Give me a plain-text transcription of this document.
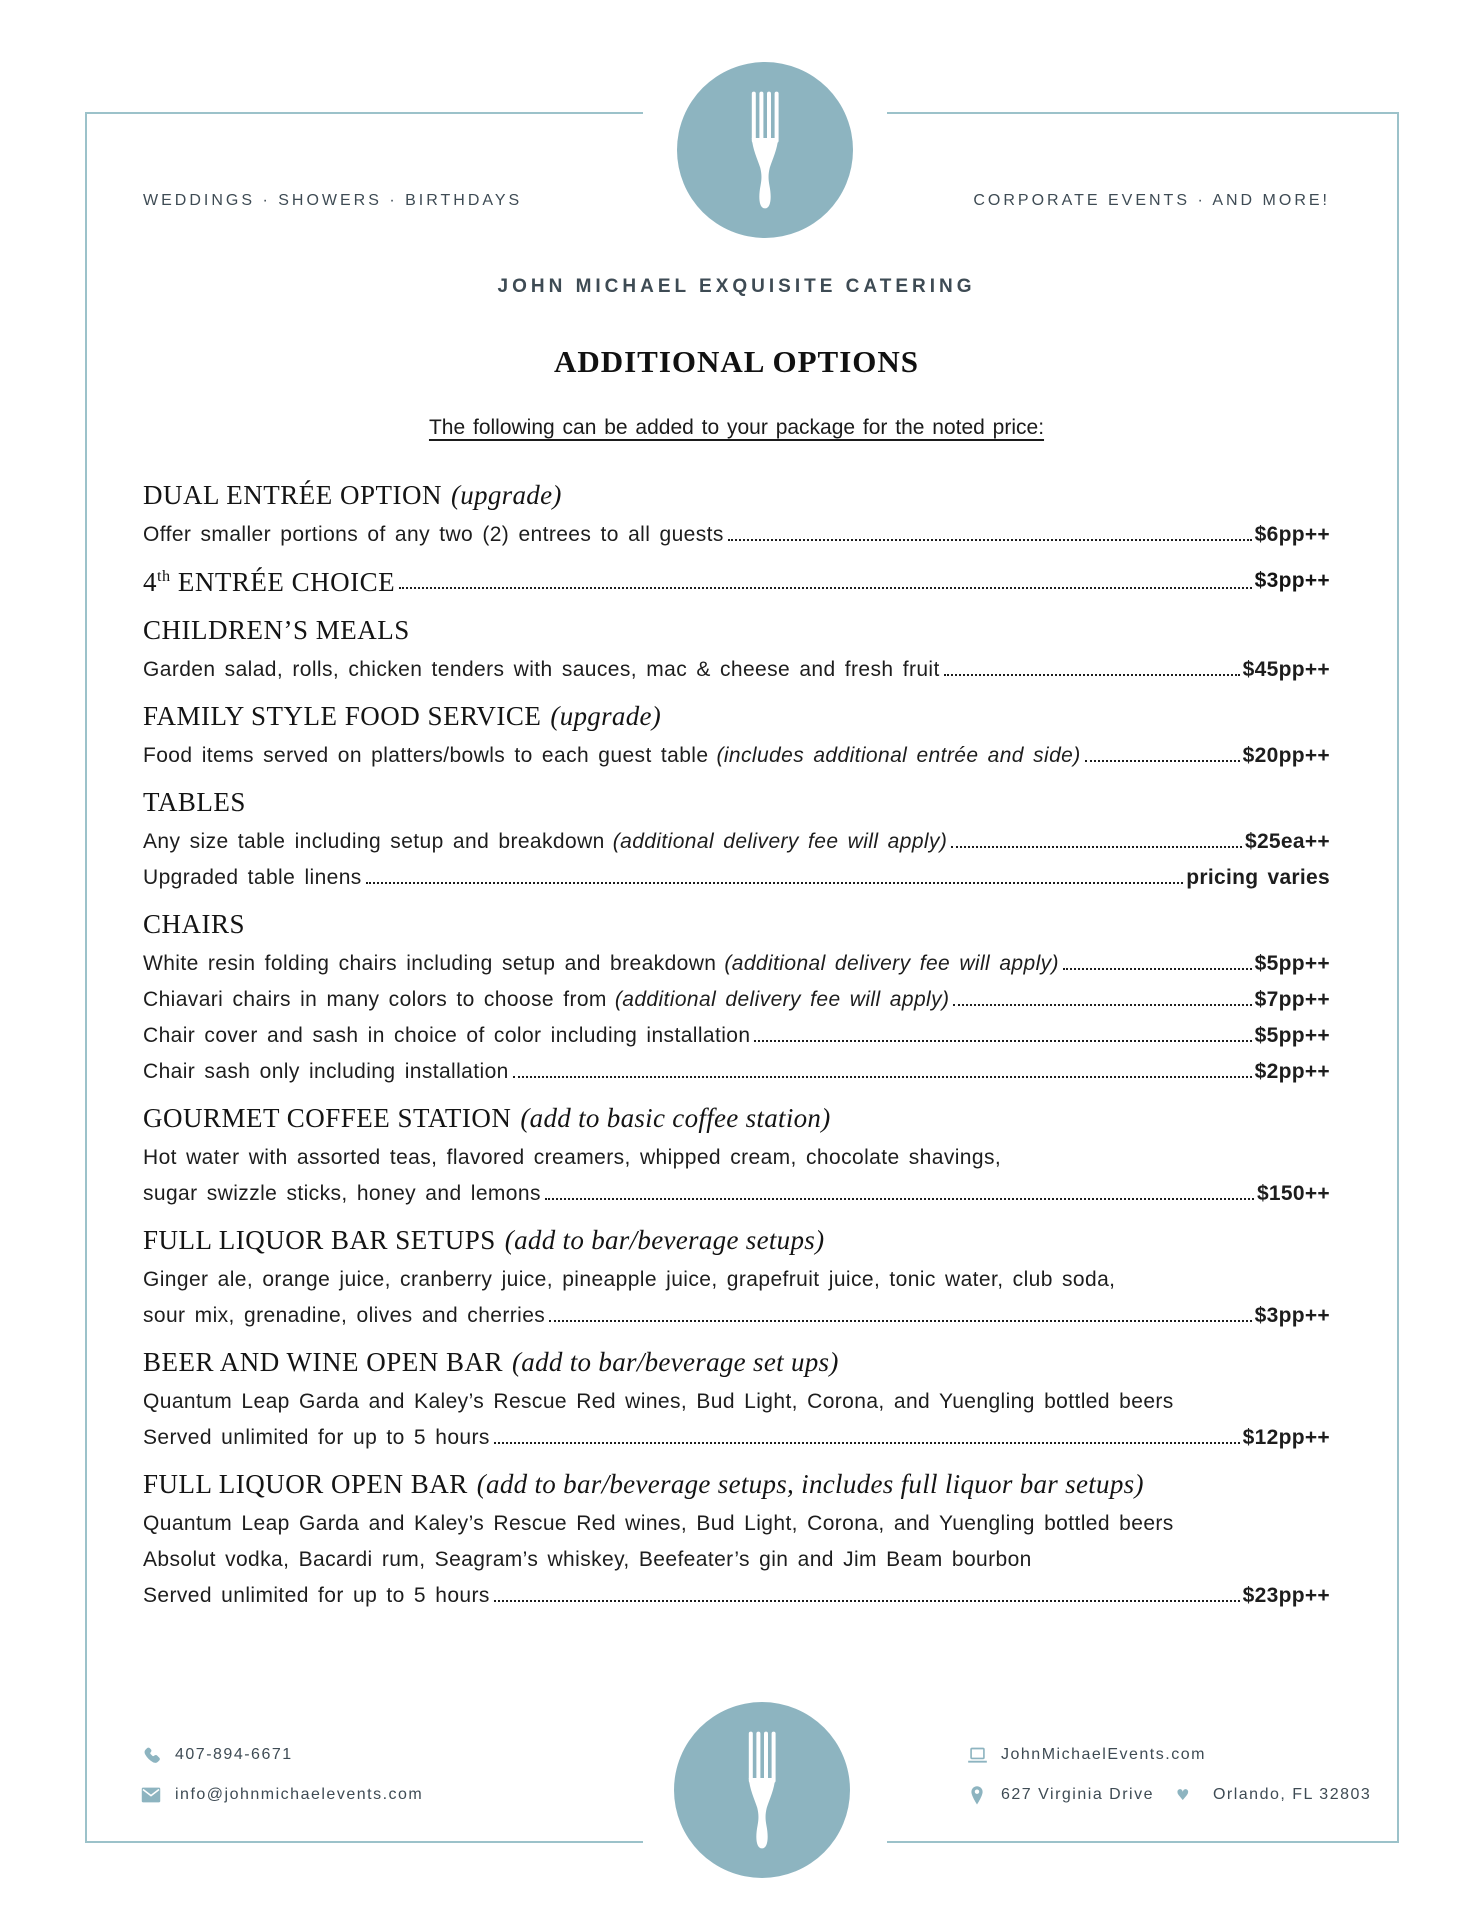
WEDDINGS · SHOWERS · BIRTHDAYS	CORPORATE EVENTS · AND MORE!
JOHN MICHAEL EXQUISITE CATERING
ADDITIONAL OPTIONS
The following can be added to your package for the noted price:
DUAL ENTRÉE OPTION (upgrade)
Offer smaller portions of any two (2) entrees to all guests	$6pp++
4th ENTRÉE CHOICE	$3pp++
CHILDREN’S MEALS
Garden salad, rolls, chicken tenders with sauces, mac & cheese and fresh fruit	$45pp++
FAMILY STYLE FOOD SERVICE (upgrade)
Food items served on platters/bowls to each guest table (includes additional entrée and side)	$20pp++
TABLES
Any size table including setup and breakdown (additional delivery fee will apply)	$25ea++
Upgraded table linens	pricing varies
CHAIRS
White resin folding chairs including setup and breakdown (additional delivery fee will apply)	$5pp++
Chiavari chairs in many colors to choose from (additional delivery fee will apply)	$7pp++
Chair cover and sash in choice of color including installation	$5pp++
Chair sash only including installation	$2pp++
GOURMET COFFEE STATION (add to basic coffee station)
Hot water with assorted teas, flavored creamers, whipped cream, chocolate shavings,
sugar swizzle sticks, honey and lemons	$150++
FULL LIQUOR BAR SETUPS (add to bar/beverage setups)
Ginger ale, orange juice, cranberry juice, pineapple juice, grapefruit juice, tonic water, club soda,
sour mix, grenadine, olives and cherries	$3pp++
BEER AND WINE OPEN BAR (add to bar/beverage set ups)
Quantum Leap Garda and Kaley’s Rescue Red wines, Bud Light, Corona, and Yuengling bottled beers
Served unlimited for up to 5 hours	$12pp++
FULL LIQUOR OPEN BAR (add to bar/beverage setups, includes full liquor bar setups)
Quantum Leap Garda and Kaley’s Rescue Red wines, Bud Light, Corona, and Yuengling bottled beers
Absolut vodka, Bacardi rum, Seagram’s whiskey, Beefeater’s gin and Jim Beam bourbon
Served unlimited for up to 5 hours	$23pp++
407-894-6671
info@johnmichaelevents.com
JohnMichaelEvents.com
627 Virginia Drive ♥ Orlando, FL 32803
